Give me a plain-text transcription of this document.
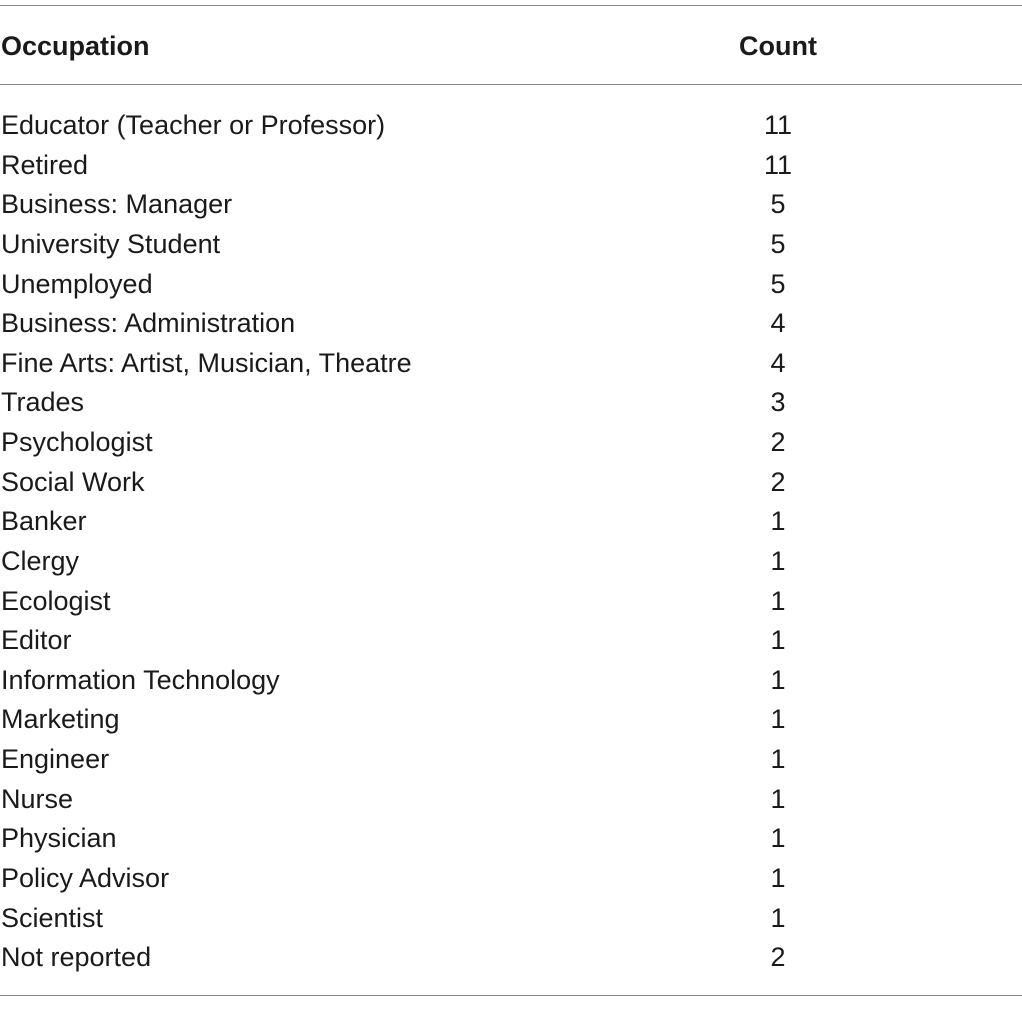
Occupation	Count
Educator (Teacher or Professor)	11
Retired	11
Business: Manager	5
University Student	5
Unemployed	5
Business: Administration	4
Fine Arts: Artist, Musician, Theatre	4
Trades	3
Psychologist	2
Social Work	2
Banker	1
Clergy	1
Ecologist	1
Editor	1
Information Technology	1
Marketing	1
Engineer	1
Nurse	1
Physician	1
Policy Advisor	1
Scientist	1
Not reported	2
